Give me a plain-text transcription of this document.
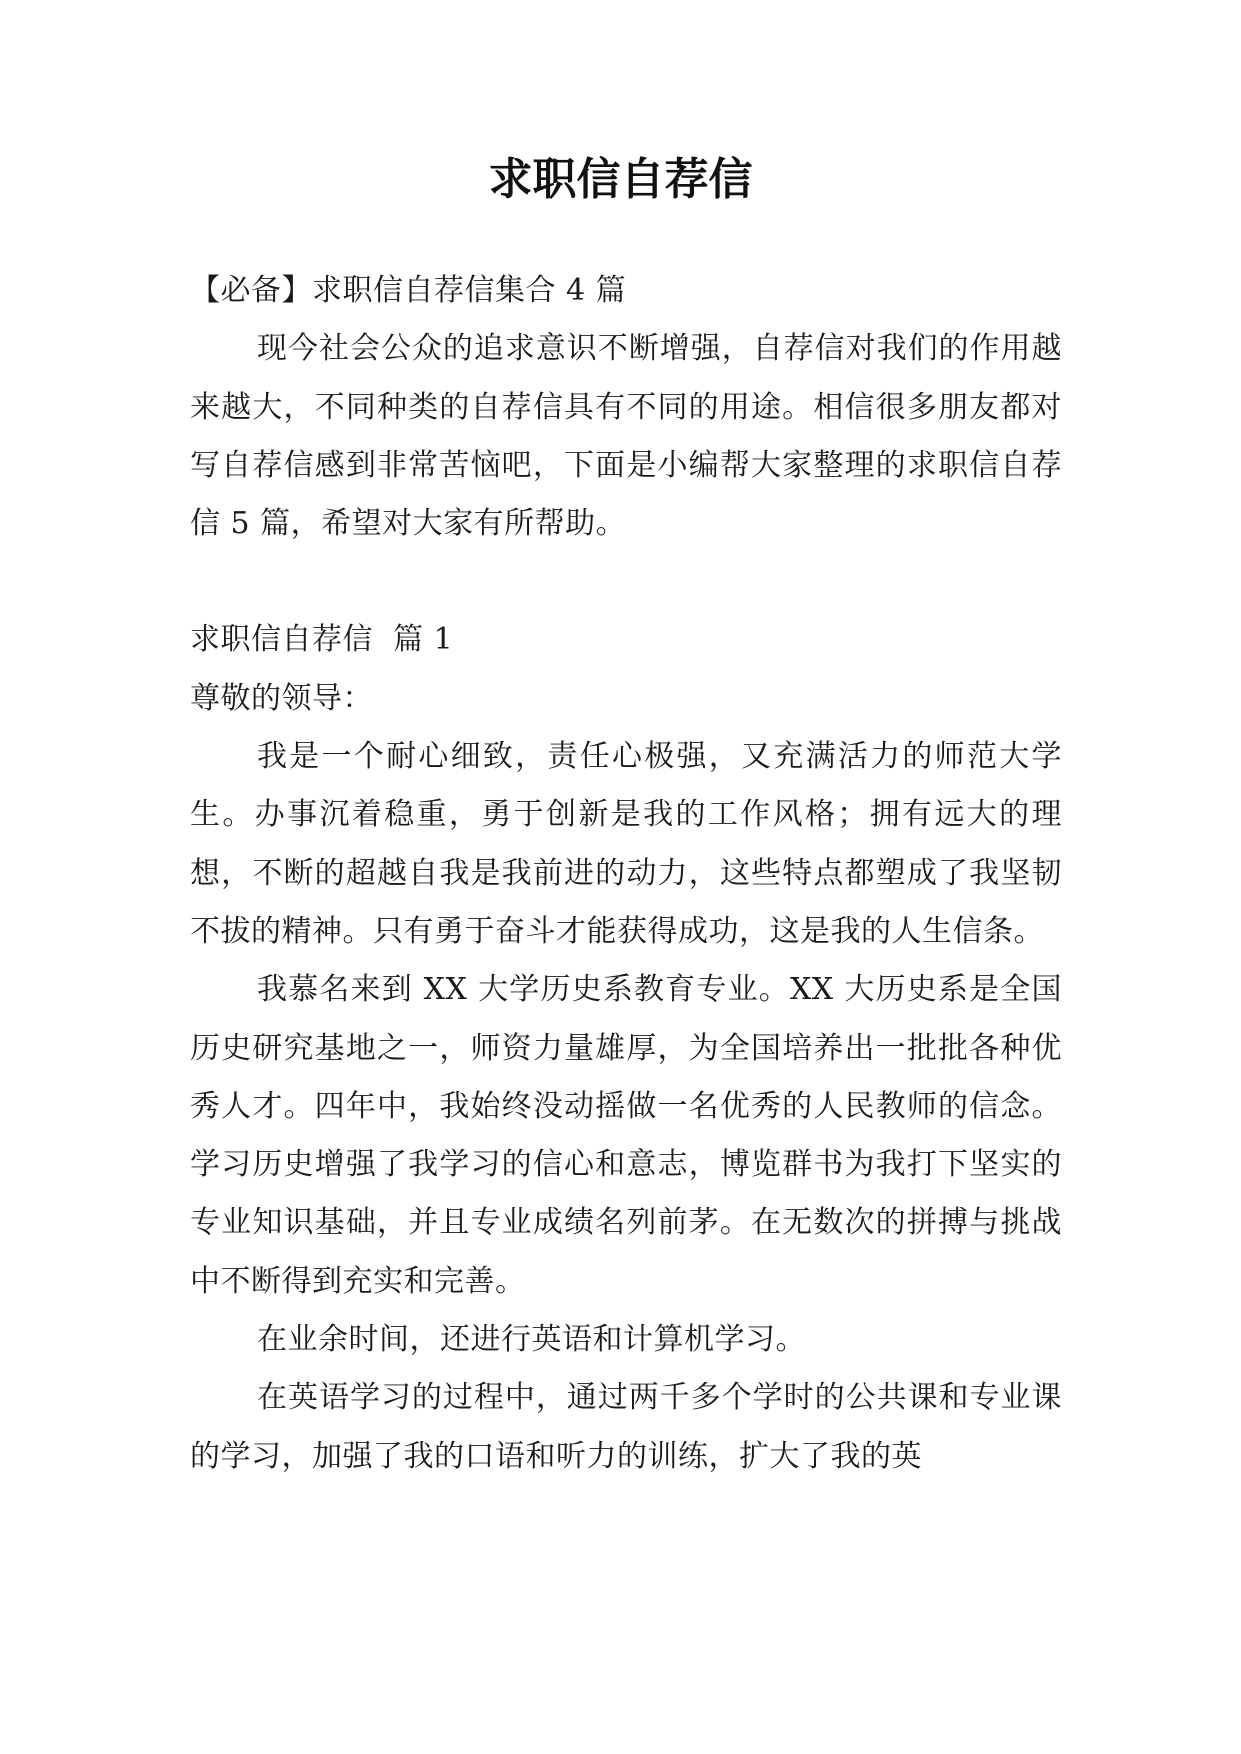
求职信自荐信

【必备】求职信自荐信集合 4 篇

现今社会公众的追求意识不断增强，自荐信对我们的作用越来越大，不同种类的自荐信具有不同的用途。相信很多朋友都对写自荐信感到非常苦恼吧，下面是小编帮大家整理的求职信自荐信 5 篇，希望对大家有所帮助。

求职信自荐信  篇 1

尊敬的领导：

我是一个耐心细致，责任心极强，又充满活力的师范大学生。办事沉着稳重，勇于创新是我的工作风格；拥有远大的理想，不断的超越自我是我前进的动力，这些特点都塑成了我坚韧不拔的精神。只有勇于奋斗才能获得成功，这是我的人生信条。

我慕名来到 XX 大学历史系教育专业。XX 大历史系是全国历史研究基地之一，师资力量雄厚，为全国培养出一批批各种优秀人才。四年中，我始终没动摇做一名优秀的人民教师的信念。学习历史增强了我学习的信心和意志，博览群书为我打下坚实的专业知识基础，并且专业成绩名列前茅。在无数次的拼搏与挑战中不断得到充实和完善。

在业余时间，还进行英语和计算机学习。

在英语学习的过程中，通过两千多个学时的公共课和专业课的学习，加强了我的口语和听力的训练，扩大了我的英
